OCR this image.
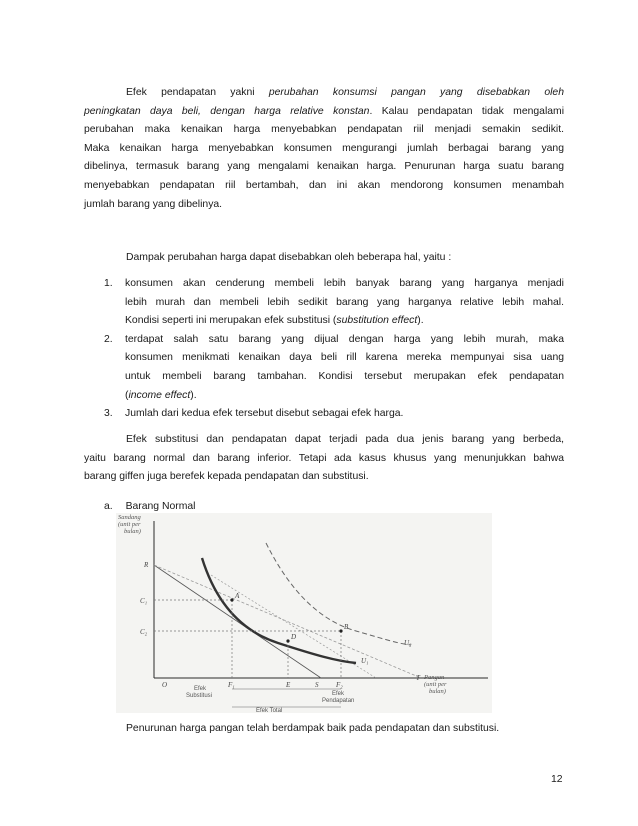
Efek pendapatan yakni perubahan konsumsi pangan yang disebabkan oleh
peningkatan daya beli, dengan harga relative konstan. Kalau pendapatan tidak mengalami
perubahan maka kenaikan harga menyebabkan pendapatan riil menjadi semakin sedikit.
Maka kenaikan harga menyebabkan konsumen mengurangi jumlah berbagai barang yang
dibelinya, termasuk barang yang mengalami kenaikan harga. Penurunan harga suatu barang
menyebabkan pendapatan riil bertambah, dan ini akan mendorong konsumen menambah
jumlah barang yang dibelinya.
Dampak perubahan harga dapat disebabkan oleh beberapa hal, yaitu :
1. konsumen akan cenderung membeli lebih banyak barang yang harganya menjadi
lebih murah dan membeli lebih sedikit barang yang harganya relative lebih mahal.
Kondisi seperti ini merupakan efek substitusi (substitution effect).
2. terdapat salah satu barang yang dijual dengan harga yang lebih murah, maka
konsumen menikmati kenaikan daya beli rill karena mereka mempunyai sisa uang
untuk membeli barang tambahan. Kondisi tersebut merupakan efek pendapatan
(income effect).
3. Jumlah dari kedua efek tersebut disebut sebagai efek harga.
Efek substitusi dan pendapatan dapat terjadi pada dua jenis barang yang berbeda,
yaitu barang normal dan barang inferior. Tetapi ada kasus khusus yang menunjukkan bahwa
barang giffen juga berefek kepada pendapatan dan substitusi.
a. Barang Normal
Sandang
(unit per
bulan)
Pangan
(unit per
bulan)
R
C₁
C₂
A
B
D
O	F₁	E	S	F₂
T
U₁
U₂
Efek
Substitusi	Efek
Pendapatan
Efek Total
Penurunan harga pangan telah berdampak baik pada pendapatan dan substitusi.
12
